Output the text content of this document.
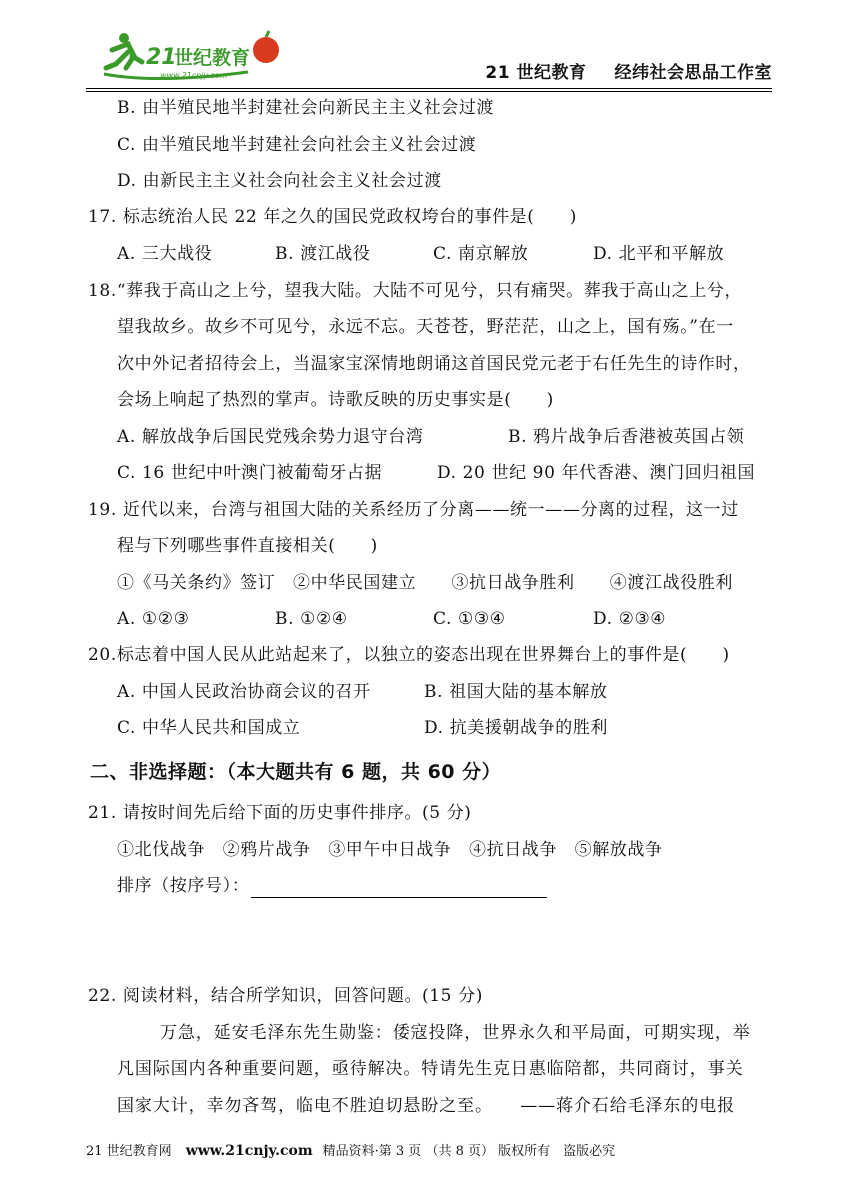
21
世纪教育
www.21cnjy.com	21 世纪教育 经纬社会思品工作室
B. 由半殖民地半封建社会向新民主主义社会过渡
C. 由半殖民地半封建社会向社会主义社会过渡
D. 由新民主主义社会向社会主义社会过渡
17. 标志统治人民 22 年之久的国民党政权垮台的事件是(　　)
A. 三大战役	B. 渡江战役	C. 南京解放	D. 北平和平解放
18.“葬我于高山之上兮，望我大陆。大陆不可见兮，只有痛哭。葬我于高山之上兮，
望我故乡。故乡不可见兮，永远不忘。天苍苍，野茫茫，山之上，国有殇。”在一
次中外记者招待会上，当温家宝深情地朗诵这首国民党元老于右任先生的诗作时，
会场上响起了热烈的掌声。诗歌反映的历史事实是(　　)
A. 解放战争后国民党残余势力退守台湾	B. 鸦片战争后香港被英国占领
C. 16 世纪中叶澳门被葡萄牙占据	D. 20 世纪 90 年代香港、澳门回归祖国
19. 近代以来，台湾与祖国大陆的关系经历了分离——统一——分离的过程，这一过
程与下列哪些事件直接相关(　　)
①《马关条约》签订　②中华民国建立　　③抗日战争胜利　　④渡江战役胜利
A. ①②③	B. ①②④	C. ①③④	D. ②③④
20.标志着中国人民从此站起来了，以独立的姿态出现在世界舞台上的事件是(　　)
A. 中国人民政治协商会议的召开	B. 祖国大陆的基本解放
C. 中华人民共和国成立	D. 抗美援朝战争的胜利
二、非选择题：（本大题共有 6 题，共 60 分）
21. 请按时间先后给下面的历史事件排序。(5 分)
①北伐战争　②鸦片战争　③甲午中日战争　④抗日战争　⑤解放战争
排序（按序号）：
22. 阅读材料，结合所学知识，回答问题。(15 分)
万急，延安毛泽东先生勋鉴：倭寇投降，世界永久和平局面，可期实现，举
凡国际国内各种重要问题，亟待解决。特请先生克日惠临陪都，共同商讨，事关
国家大计，幸勿吝驾，临电不胜迫切悬盼之至。　　——蒋介石给毛泽东的电报
21 世纪教育网 www.21cnjy.com 精品资料·第 3 页 （共 8 页） 版权所有　盗版必究
